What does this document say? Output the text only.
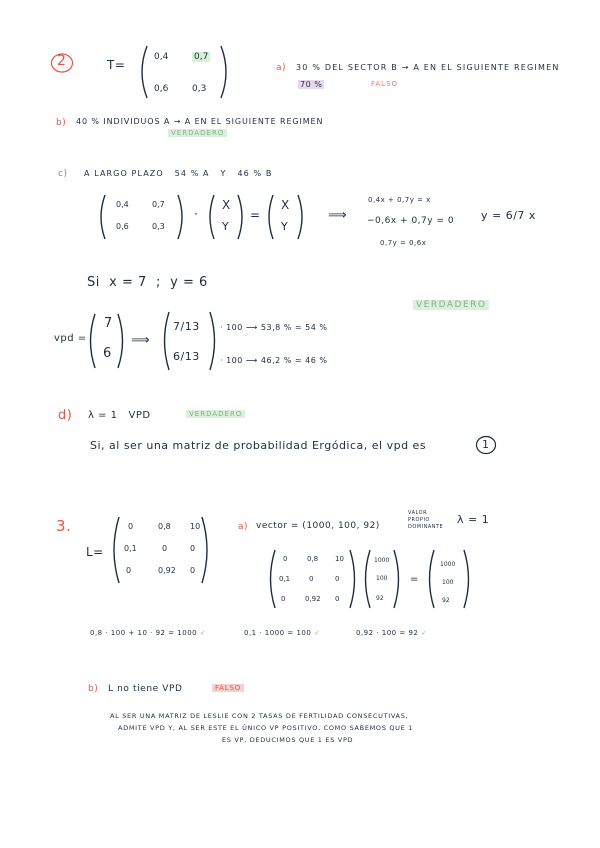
2	T=
0,4	0,7
0,6	0,3
a) 30 % DEL SECTOR B → A EN EL SIGUIENTE REGIMEN
70 %	FALSO
b) 40 % INDIVIDUOS A → A EN EL SIGUIENTE REGIMEN
VERDADERO
c) A LARGO PLAZO   54 % A   Y   46 % B
0,4	0,7
0,6	0,3
·
X
Y
=
X
Y
⟹
0,4x + 0,7y = x
−0,6x + 0,7y = 0
0,7y = 0,6x
y = 6/7 x
Si  x = 7  ;  y = 6
VERDADERO
vpd =
7
6
⟹
7/13
6/13
· 100 ⟶ 53,8 % ≃ 54 %
· 100 ⟶ 46,2 % ≃ 46 %
d) λ = 1   VPD	VERDADERO
Si, al ser una matriz de probabilidad Ergódica, el vpd es	1
3.
L=
0	0,8 10
0,1	0	0
0	0,92 0
a) vector = (1000, 100, 92)
VALOR PROPIO DOMINANTE
λ = 1
0	0,8 10
0,1	0	0
0	0,92 0
1000
100
92
=
1000
100
92
0,8 · 100 + 10 · 92 = 1000 ✓	0,1 · 1000 = 100 ✓	0,92 · 100 = 92 ✓
b) L no tiene VPD	FALSO
AL SER UNA MATRIZ DE LESLIE CON 2 TASAS DE FERTILIDAD CONSECUTIVAS,
ADMITE VPD Y, AL SER ESTE EL ÚNICO VP POSITIVO, COMO SABEMOS QUE 1
ES VP, DEDUCIMOS QUE 1 ES VPD
